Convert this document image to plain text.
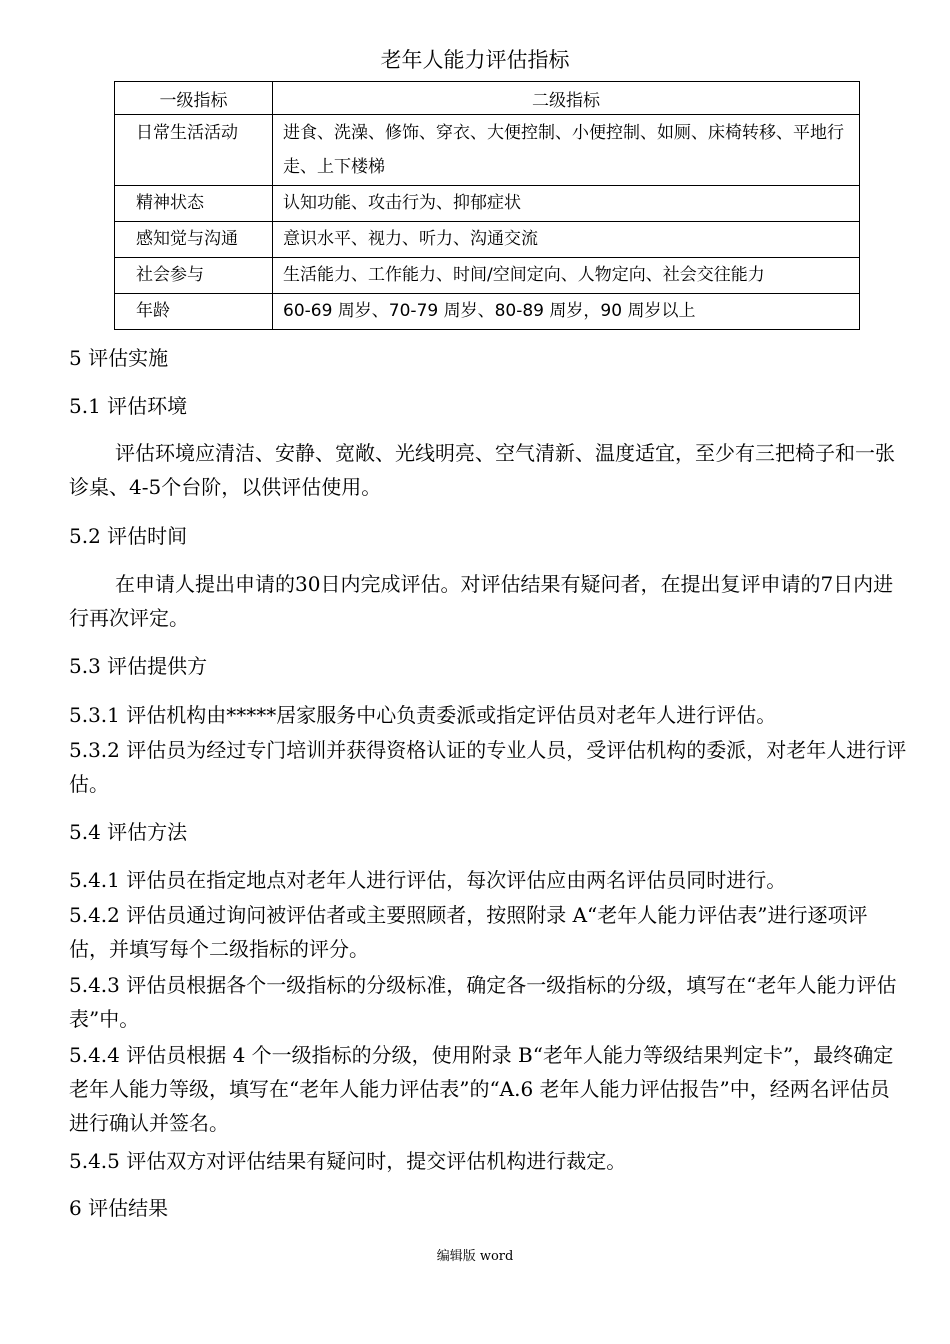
老年人能力评估指标
一级指标	二级指标
日常生活活动	进食、洗澡、修饰、穿衣、大便控制、小便控制、如厕、床椅转移、平地行走、上下楼梯
精神状态	认知功能、攻击行为、抑郁症状
感知觉与沟通	意识水平、视力、听力、沟通交流
社会参与	生活能力、工作能力、时间/空间定向、人物定向、社会交往能力
年龄	60-69 周岁、70-79 周岁、80-89 周岁，90 周岁以上
5 评估实施
5.1 评估环境
评估环境应清洁、安静、宽敞、光线明亮、空气清新、温度适宜，至少有三把椅子和一张诊桌、4-5个台阶，以供评估使用。
5.2 评估时间
在申请人提出申请的30日内完成评估。对评估结果有疑问者，在提出复评申请的7日内进行再次评定。
5.3 评估提供方
5.3.1 评估机构由*****居家服务中心负责委派或指定评估员对老年人进行评估。
5.3.2 评估员为经过专门培训并获得资格认证的专业人员，受评估机构的委派，对老年人进行评估。
5.4 评估方法
5.4.1 评估员在指定地点对老年人进行评估，每次评估应由两名评估员同时进行。
5.4.2 评估员通过询问被评估者或主要照顾者，按照附录 A“老年人能力评估表”进行逐项评估，并填写每个二级指标的评分。
5.4.3 评估员根据各个一级指标的分级标准，确定各一级指标的分级，填写在“老年人能力评估表”中。
5.4.4 评估员根据 4 个一级指标的分级，使用附录 B“老年人能力等级结果判定卡”，最终确定老年人能力等级，填写在“老年人能力评估表”的“A.6 老年人能力评估报告”中，经两名评估员进行确认并签名。
5.4.5 评估双方对评估结果有疑问时，提交评估机构进行裁定。
6 评估结果
编辑版 word
